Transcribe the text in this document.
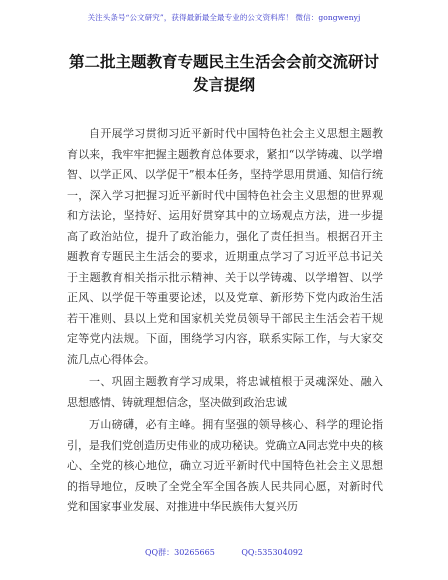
关注头条号“公文研究”，获得最新最全最专业的公文资料库！ 微信：gongwenyj
第二批主题教育专题民主生活会会前交流研讨
发言提纲

自开展学习贯彻习近平新时代中国特色社会主义思想主题教育以来，我牢牢把握主题教育总体要求，紧扣“以学铸魂、以学增智、以学正风、以学促干”根本任务，坚持学思用贯通、知信行统一，深入学习把握习近平新时代中国特色社会主义思想的世界观和方法论，坚持好、运用好贯穿其中的立场观点方法，进一步提高了政治站位，提升了政治能力，强化了责任担当。根据召开主题教育专题民主生活会的要求，近期重点学习了习近平总书记关于主题教育相关指示批示精神、关于以学铸魂、以学增智、以学正风、以学促干等重要论述，以及党章、新形势下党内政治生活若干准则、县以上党和国家机关党员领导干部民主生活会若干规定等党内法规。下面，围绕学习内容，联系实际工作，与大家交流几点心得体会。

一、巩固主题教育学习成果，将忠诚植根于灵魂深处、融入思想感情、铸就理想信念，坚决做到政治忠诚

万山磅礴，必有主峰。拥有坚强的领导核心、科学的理论指引，是我们党创造历史伟业的成功秘诀。党确立A同志党中央的核心、全党的核心地位，确立习近平新时代中国特色社会主义思想的指导地位，反映了全党全军全国各族人民共同心愿，对新时代党和国家事业发展、对推进中华民族伟大复兴历

QQ群：30265665	QQ:535304092
